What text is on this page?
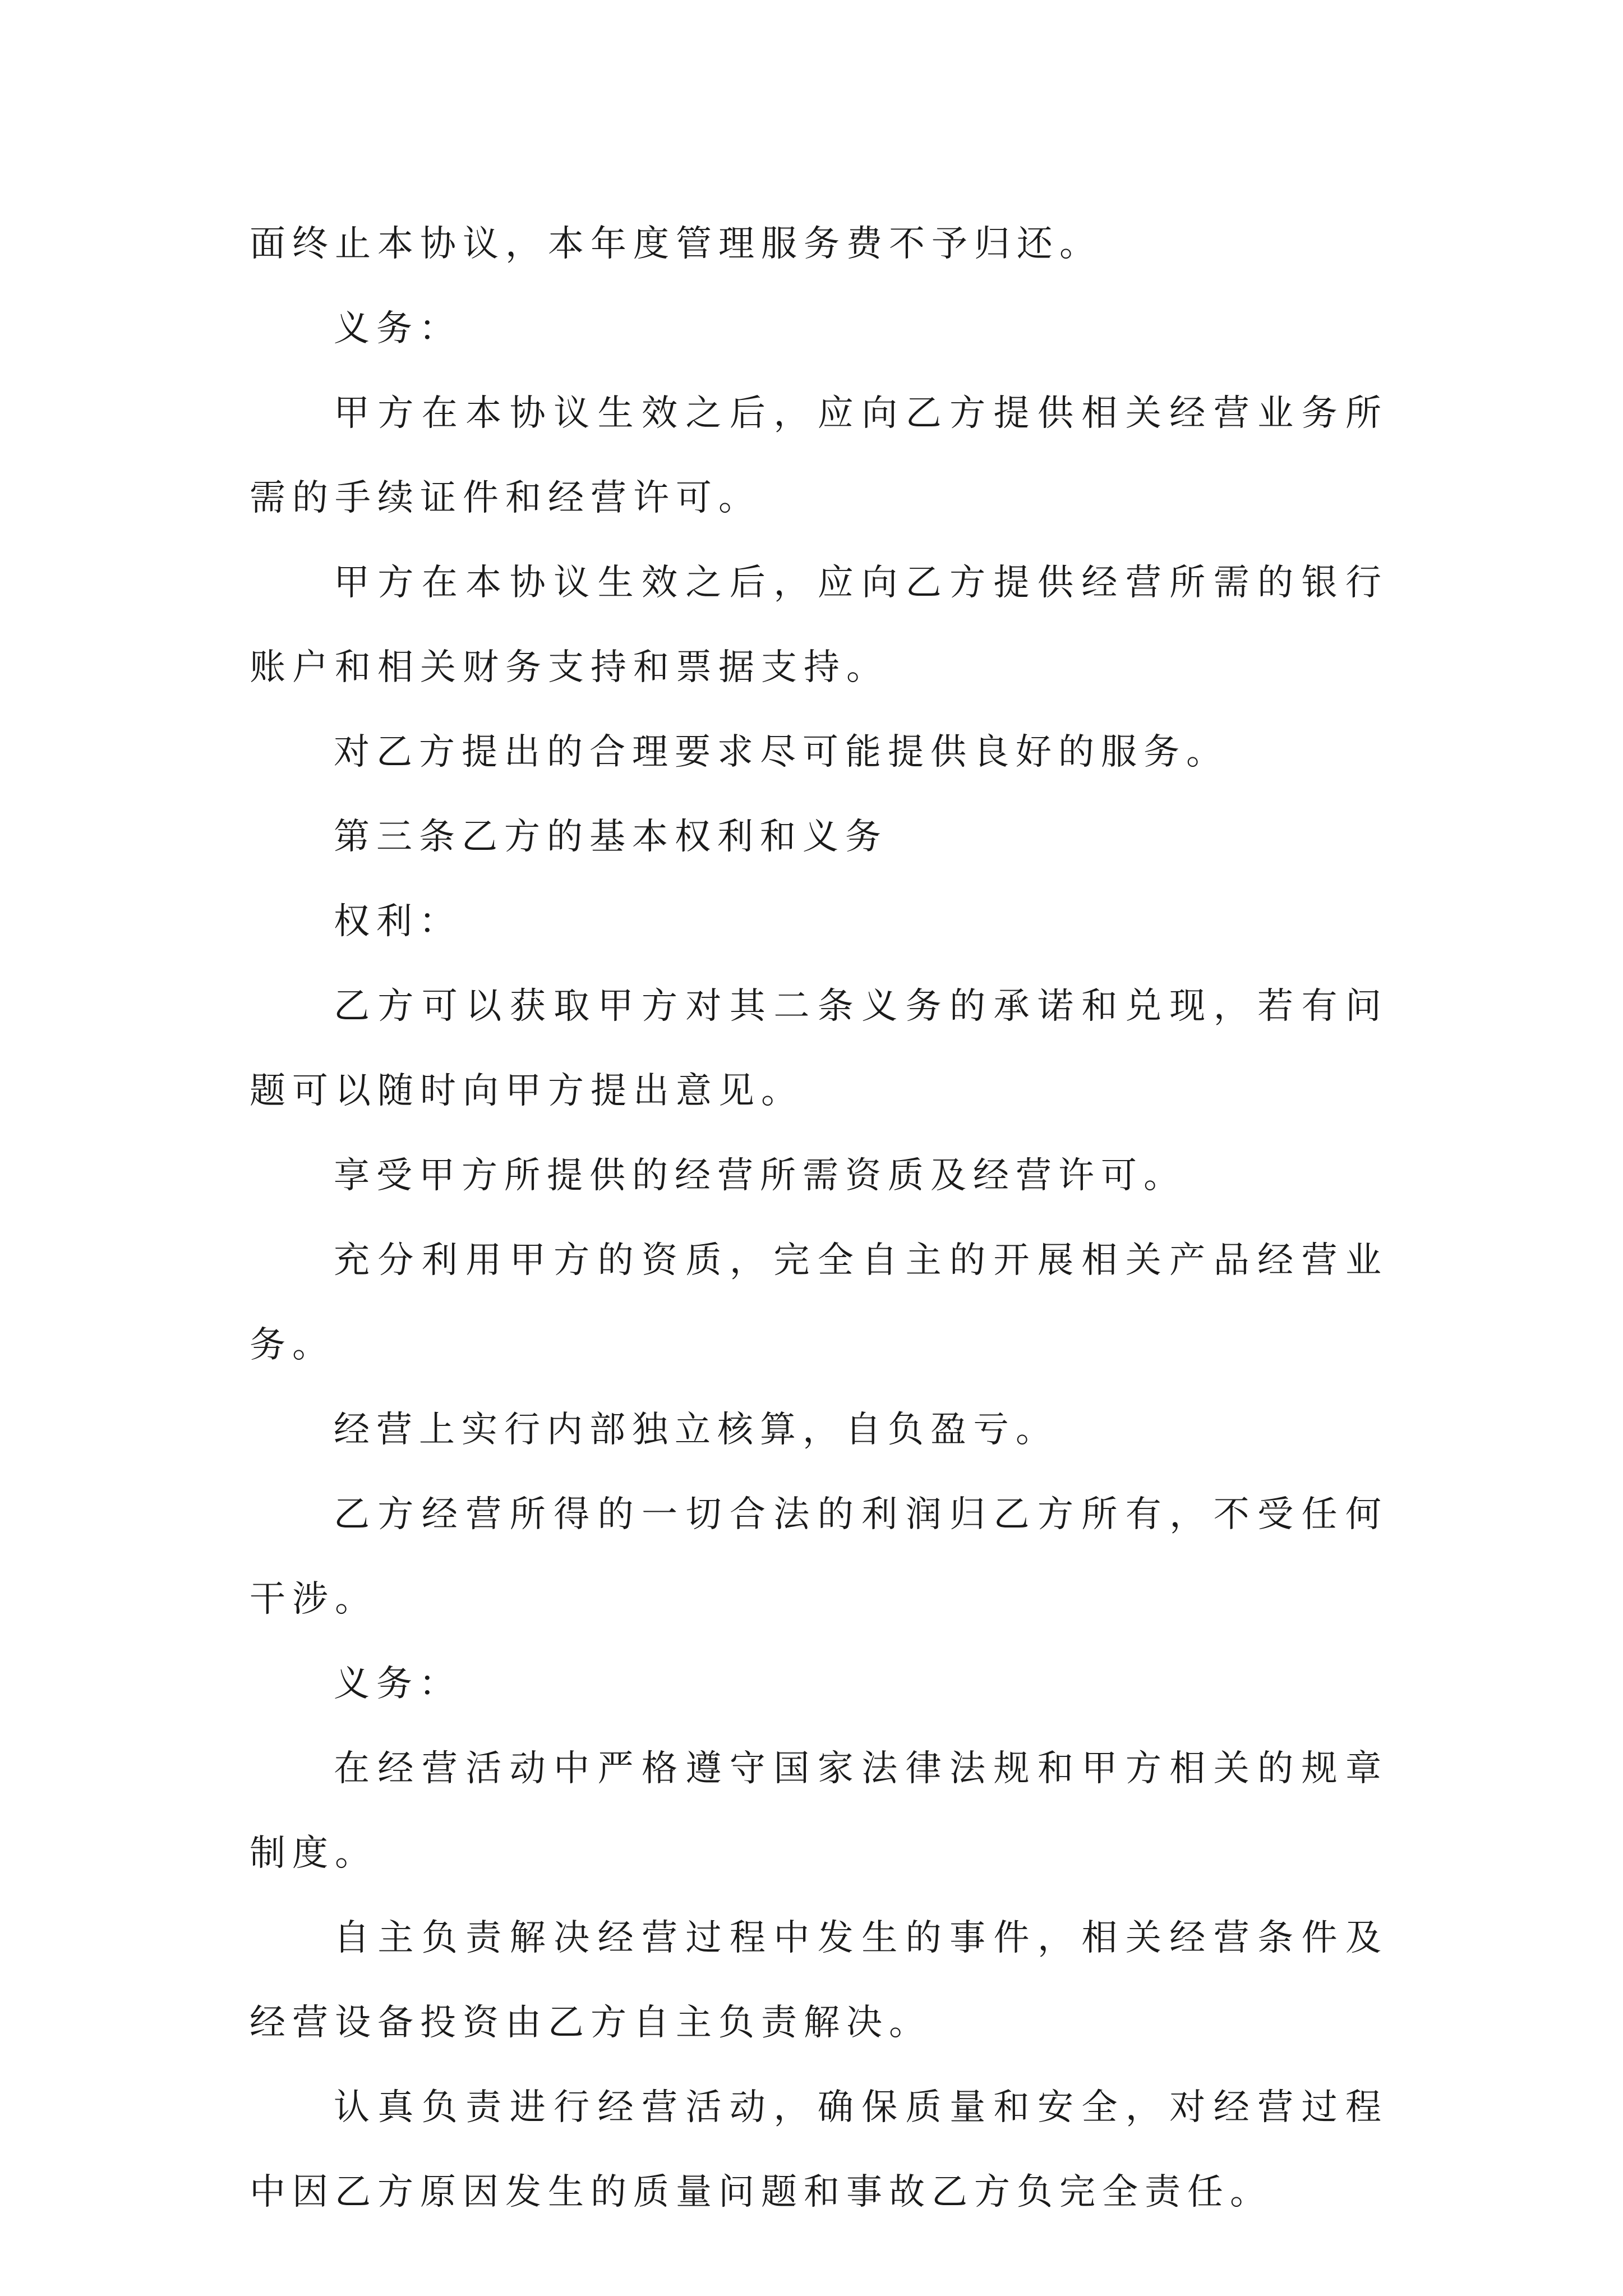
面终止本协议，本年度管理服务费不予归还。

义务：

甲方在本协议生效之后，应向乙方提供相关经营业务所需的手续证件和经营许可。

甲方在本协议生效之后，应向乙方提供经营所需的银行账户和相关财务支持和票据支持。

对乙方提出的合理要求尽可能提供良好的服务。

第三条乙方的基本权利和义务

权利：

乙方可以获取甲方对其二条义务的承诺和兑现，若有问题可以随时向甲方提出意见。

享受甲方所提供的经营所需资质及经营许可。

充分利用甲方的资质，完全自主的开展相关产品经营业务。

经营上实行内部独立核算，自负盈亏。

乙方经营所得的一切合法的利润归乙方所有，不受任何干涉。

义务：

在经营活动中严格遵守国家法律法规和甲方相关的规章制度。

自主负责解决经营过程中发生的事件，相关经营条件及经营设备投资由乙方自主负责解决。

认真负责进行经营活动，确保质量和安全，对经营过程中因乙方原因发生的质量问题和事故乙方负完全责任。
